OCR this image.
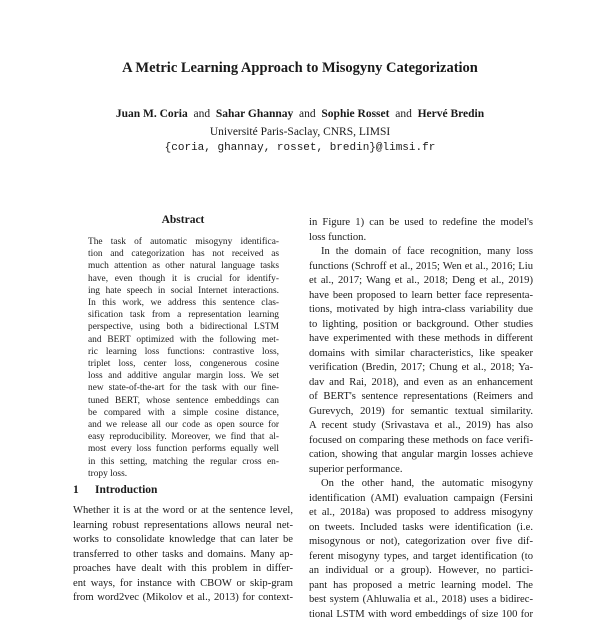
A Metric Learning Approach to Misogyny Categorization
Juan M. Coria and Sahar Ghannay and Sophie Rosset and Hervé Bredin
Université Paris-Saclay, CNRS, LIMSI
{coria, ghannay, rosset, bredin}@limsi.fr
Abstract
The task of automatic misogyny identifica-
tion and categorization has not received as
much attention as other natural language tasks
have, even though it is crucial for identify-
ing hate speech in social Internet interactions.
In this work, we address this sentence clas-
sification task from a representation learning
perspective, using both a bidirectional LSTM
and BERT optimized with the following met-
ric learning loss functions: contrastive loss,
triplet loss, center loss, congenerous cosine
loss and additive angular margin loss. We set
new state-of-the-art for the task with our fine-
tuned BERT, whose sentence embeddings can
be compared with a simple cosine distance,
and we release all our code as open source for
easy reproducibility. Moreover, we find that al-
most every loss function performs equally well
in this setting, matching the regular cross en-
tropy loss.
1 Introduction
Whether it is at the word or at the sentence level,
learning robust representations allows neural net-
works to consolidate knowledge that can later be
transferred to other tasks and domains. Many ap-
proaches have dealt with this problem in differ-
ent ways, for instance with CBOW or skip-gram
from word2vec (Mikolov et al., 2013) for context-
in Figure 1) can be used to redefine the model's
loss function.
In the domain of face recognition, many loss
functions (Schroff et al., 2015; Wen et al., 2016; Liu
et al., 2017; Wang et al., 2018; Deng et al., 2019)
have been proposed to learn better face representa-
tions, motivated by high intra-class variability due
to lighting, position or background. Other studies
have experimented with these methods in different
domains with similar characteristics, like speaker
verification (Bredin, 2017; Chung et al., 2018; Ya-
dav and Rai, 2018), and even as an enhancement
of BERT's sentence representations (Reimers and
Gurevych, 2019) for semantic textual similarity.
A recent study (Srivastava et al., 2019) has also
focused on comparing these methods on face verifi-
cation, showing that angular margin losses achieve
superior performance.
On the other hand, the automatic misogyny
identification (AMI) evaluation campaign (Fersini
et al., 2018a) was proposed to address misogyny
on tweets. Included tasks were identification (i.e.
misogynous or not), categorization over five dif-
ferent misogyny types, and target identification (to
an individual or a group). However, no partici-
pant has proposed a metric learning model. The
best system (Ahluwalia et al., 2018) uses a bidirec-
tional LSTM with word embeddings of size 100 for
